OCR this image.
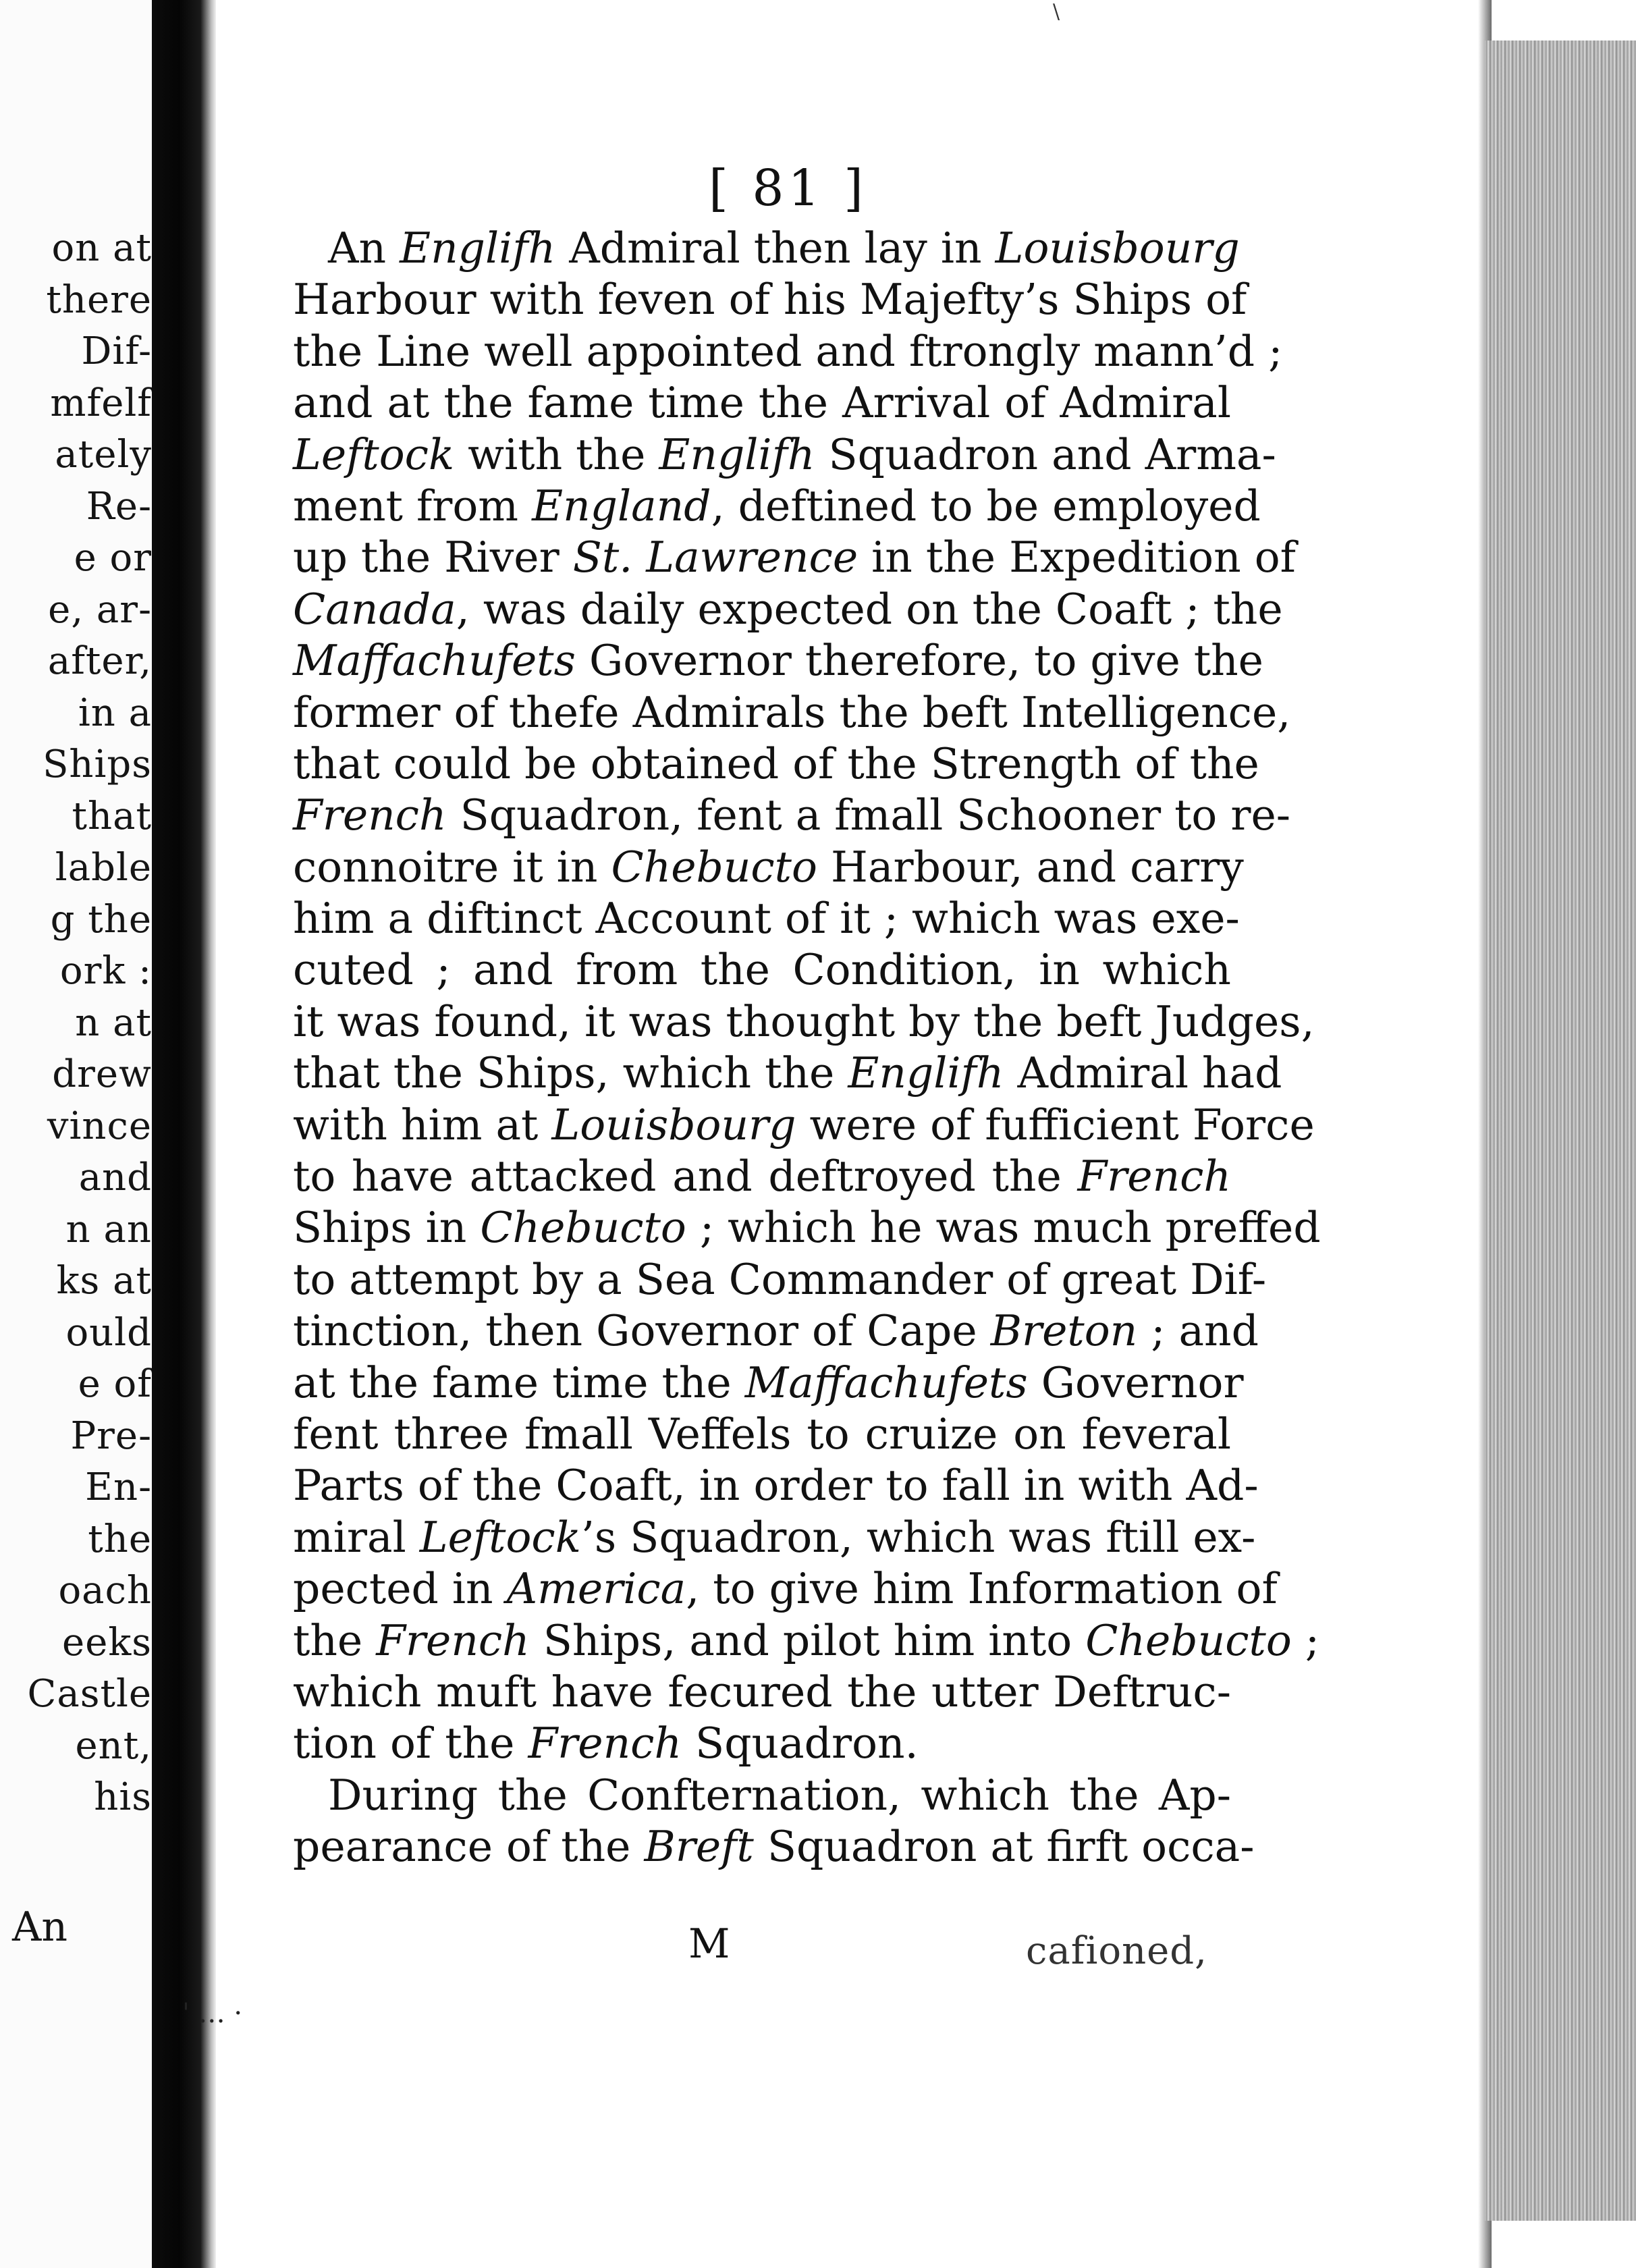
on at
there
Dif-
mfelf
ately
Re-
e or
e, ar-
after,
in a
Ships
that
lable
g the
ork :
n at
drew
vince
and
n an
ks at
ould
e of
Pre-
En-
the
oach
eeks
Castle
ent,
his
An
\
' … ·
[ 81 ]
An Englifh Admiral then lay in Louisbourg
Harbour with feven of his Majefty’s Ships of
the Line well appointed and ftrongly mann’d ;
and at the fame time the Arrival of Admiral
Leftock with the Englifh Squadron and Arma-
ment from England, deftined to be employed
up the River St. Lawrence in the Expedition of
Canada, was daily expected on the Coaft ; the
Maffachufets Governor therefore, to give the
former of thefe Admirals the beft Intelligence,
that could be obtained of the Strength of the
French Squadron, fent a fmall Schooner to re-
connoitre it in Chebucto Harbour, and carry
him a diftinct Account of it ; which was exe-
cuted ; and from the Condition, in which
it was found, it was thought by the beft Judges,
that the Ships, which the Englifh Admiral had
with him at Louisbourg were of fufficient Force
to have attacked and deftroyed the French
Ships in Chebucto ; which he was much preffed
to attempt by a Sea Commander of great Dif-
tinction, then Governor of Cape Breton ; and
at the fame time the Maffachufets Governor
fent three fmall Veffels to cruize on feveral
Parts of the Coaft, in order to fall in with Ad-
miral Leftock’s Squadron, which was ftill ex-
pected in America, to give him Information of
the French Ships, and pilot him into Chebucto
which muft have fecured the utter Deftruc-
tion of the French Squadron.
During the Confternation, which the Ap-
pearance of the Breft Squadron at firft occa-
M	cafioned,
